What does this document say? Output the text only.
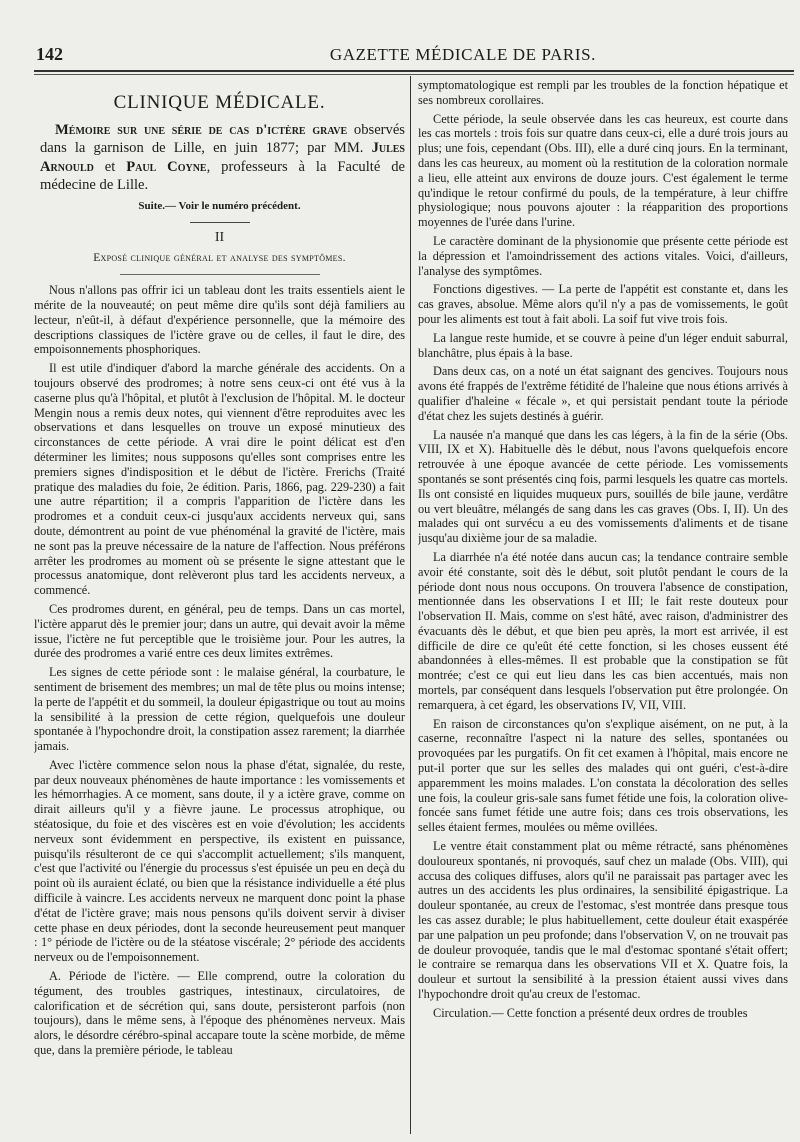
142	GAZETTE MÉDICALE DE PARIS.
CLINIQUE MÉDICALE.

Mémoire sur une série de cas d'ictère grave observés dans la garnison de Lille, en juin 1877; par MM. Jules Arnould et Paul Coyne, professeurs à la Faculté de médecine de Lille.

Suite.— Voir le numéro précédent.
II
Exposé clinique général et analyse des symptômes.

Nous n'allons pas offrir ici un tableau dont les traits essentiels aient le mérite de la nouveauté; on peut même dire qu'ils sont déjà familiers au lecteur, n'eût-il, à défaut d'expérience personnelle, que la mémoire des descriptions classiques de l'ictère grave ou de celles, il faut le dire, des empoisonnements phosphoriques.

Il est utile d'indiquer d'abord la marche générale des accidents. On a toujours observé des prodromes; à notre sens ceux-ci ont été vus à la caserne plus qu'à l'hôpital, et plutôt à l'exclusion de l'hôpital. M. le docteur Mengin nous a remis deux notes, qui viennent d'être reproduites avec les observations et dans lesquelles on trouve un exposé minutieux des circonstances de cette période. A vrai dire le point délicat est d'en déterminer les limites; nous supposons qu'elles sont comprises entre les premiers signes d'indisposition et le début de l'ictère. Frerichs (Traité pratique des maladies du foie, 2e édition. Paris, 1866, pag. 229-230) a fait une autre répartition; il a compris l'apparition de l'ictère dans les prodromes et a conduit ceux-ci jusqu'aux accidents nerveux qui, sans doute, démontrent au point de vue phénoménal la gravité de l'ictère, mais ne sont pas la preuve nécessaire de la nature de l'affection. Nous préférons arrêter les prodromes au moment où se présente le signe attestant que le processus anatomique, dont relèveront plus tard les accidents nerveux, a commencé.

Ces prodromes durent, en général, peu de temps. Dans un cas mortel, l'ictère apparut dès le premier jour; dans un autre, qui devait avoir la même issue, l'ictère ne fut perceptible que le troisième jour. Pour les autres, la durée des prodromes a varié entre ces deux limites extrêmes.

Les signes de cette période sont : le malaise général, la courbature, le sentiment de brisement des membres; un mal de tête plus ou moins intense; la perte de l'appétit et du sommeil, la douleur épigastrique ou tout au moins la sensibilité à la pression de cette région, quelquefois une douleur spontanée à l'hypochondre droit, la constipation assez rarement; la diarrhée jamais.

Avec l'ictère commence selon nous la phase d'état, signalée, du reste, par deux nouveaux phénomènes de haute importance : les vomissements et les hémorrhagies. A ce moment, sans doute, il y a ictère grave, comme on dirait ailleurs qu'il y a fièvre jaune. Le processus atrophique, ou stéatosique, du foie et des viscères est en voie d'évolution; les accidents nerveux sont évidemment en perspective, ils existent en puissance, puisqu'ils résulteront de ce qui s'accomplit actuellement; s'ils manquent, c'est que l'activité ou l'énergie du processus s'est épuisée un peu en deçà du point où ils auraient éclaté, ou bien que la résistance individuelle a été plus difficile à vaincre. Les accidents nerveux ne marquent donc point la phase d'état de l'ictère grave; mais nous pensons qu'ils doivent servir à diviser cette phase en deux périodes, dont la seconde heureusement peut manquer : 1° période de l'ictère ou de la stéatose viscérale; 2° période des accidents nerveux ou de l'empoisonnement.

A. Période de l'ictère. — Elle comprend, outre la coloration du tégument, des troubles gastriques, intestinaux, circulatoires, de calorification et de sécrétion qui, sans doute, persisteront parfois (non toujours), dans le même sens, à l'époque des phénomènes nerveux. Mais alors, le désordre cérébro-spinal accapare toute la scène morbide, de même que, dans la première période, le tableau

symptomatologique est rempli par les troubles de la fonction hépatique et ses nombreux corollaires.

Cette période, la seule observée dans les cas heureux, est courte dans les cas mortels : trois fois sur quatre dans ceux-ci, elle a duré trois jours au plus; une fois, cependant (Obs. III), elle a duré cinq jours. En la terminant, dans les cas heureux, au moment où la restitution de la coloration normale a lieu, elle atteint aux environs de douze jours. C'est également le terme qu'indique le retour confirmé du pouls, de la température, à leur chiffre physiologique; nous pouvons ajouter : la réapparition des proportions moyennes de l'urée dans l'urine.

Le caractère dominant de la physionomie que présente cette période est la dépression et l'amoindrissement des actions vitales. Voici, d'ailleurs, l'analyse des symptômes.

Fonctions digestives. — La perte de l'appétit est constante et, dans les cas graves, absolue. Même alors qu'il n'y a pas de vomissements, le goût pour les aliments est tout à fait aboli. La soif fut vive trois fois.

La langue reste humide, et se couvre à peine d'un léger enduit saburral, blanchâtre, plus épais à la base.

Dans deux cas, on a noté un état saignant des gencives. Toujours nous avons été frappés de l'extrême fétidité de l'haleine que nous étions arrivés à qualifier d'haleine « fécale », et qui persistait pendant toute la période d'état chez les sujets destinés à guérir.

La nausée n'a manqué que dans les cas légers, à la fin de la série (Obs. VIII, IX et X). Habituelle dès le début, nous l'avons quelquefois encore retrouvée à une époque avancée de cette période. Les vomissements spontanés se sont présentés cinq fois, parmi lesquels les quatre cas mortels. Ils ont consisté en liquides muqueux purs, souillés de bile jaune, verdâtre ou vert bleuâtre, mélangés de sang dans les cas graves (Obs. I, II). Un des malades qui ont survécu a eu des vomissements d'aliments et de tisane jusqu'au dixième jour de sa maladie.

La diarrhée n'a été notée dans aucun cas; la tendance contraire semble avoir été constante, soit dès le début, soit plutôt pendant le cours de la période dont nous nous occupons. On trouvera l'absence de constipation, mentionnée dans les observations I et III; le fait reste douteux pour l'observation II. Mais, comme on s'est hâté, avec raison, d'administrer des évacuants dès le début, et que bien peu après, la mort est arrivée, il est difficile de dire ce qu'eût été cette fonction, si les choses eussent été abandonnées à elles-mêmes. Il est probable que la constipation se fût montrée; c'est ce qui eut lieu dans les cas bien accentués, mais non mortels, par conséquent dans lesquels l'observation put être prolongée. On remarquera, à cet égard, les observations IV, VII, VIII.

En raison de circonstances qu'on s'explique aisément, on ne put, à la caserne, reconnaître l'aspect ni la nature des selles, spontanées ou provoquées par les purgatifs. On fit cet examen à l'hôpital, mais encore ne put-il porter que sur les selles des malades qui ont guéri, c'est-à-dire apparemment les moins malades. L'on constata la décoloration des selles une fois, la couleur gris-sale sans fumet fétide une fois, la coloration olive-foncée sans fumet fétide une autre fois; dans ces trois observations, les selles étaient fermes, moulées ou même ovillées.

Le ventre était constamment plat ou même rétracté, sans phénomènes douloureux spontanés, ni provoqués, sauf chez un malade (Obs. VIII), qui accusa des coliques diffuses, alors qu'il ne paraissait pas partager avec les autres un des accidents les plus ordinaires, la sensibilité épigastrique. La douleur spontanée, au creux de l'estomac, s'est montrée dans presque tous les cas assez durable; le plus habituellement, cette douleur était exaspérée par une palpation un peu profonde; dans l'observation V, on ne trouvait pas de douleur provoquée, tandis que le mal d'estomac spontané s'était offert; le contraire se remarqua dans les observations VII et X. Quatre fois, la douleur et surtout la sensibilité à la pression étaient aussi vives dans l'hypochondre droit qu'au creux de l'estomac.

Circulation.— Cette fonction a présenté deux ordres de troubles
